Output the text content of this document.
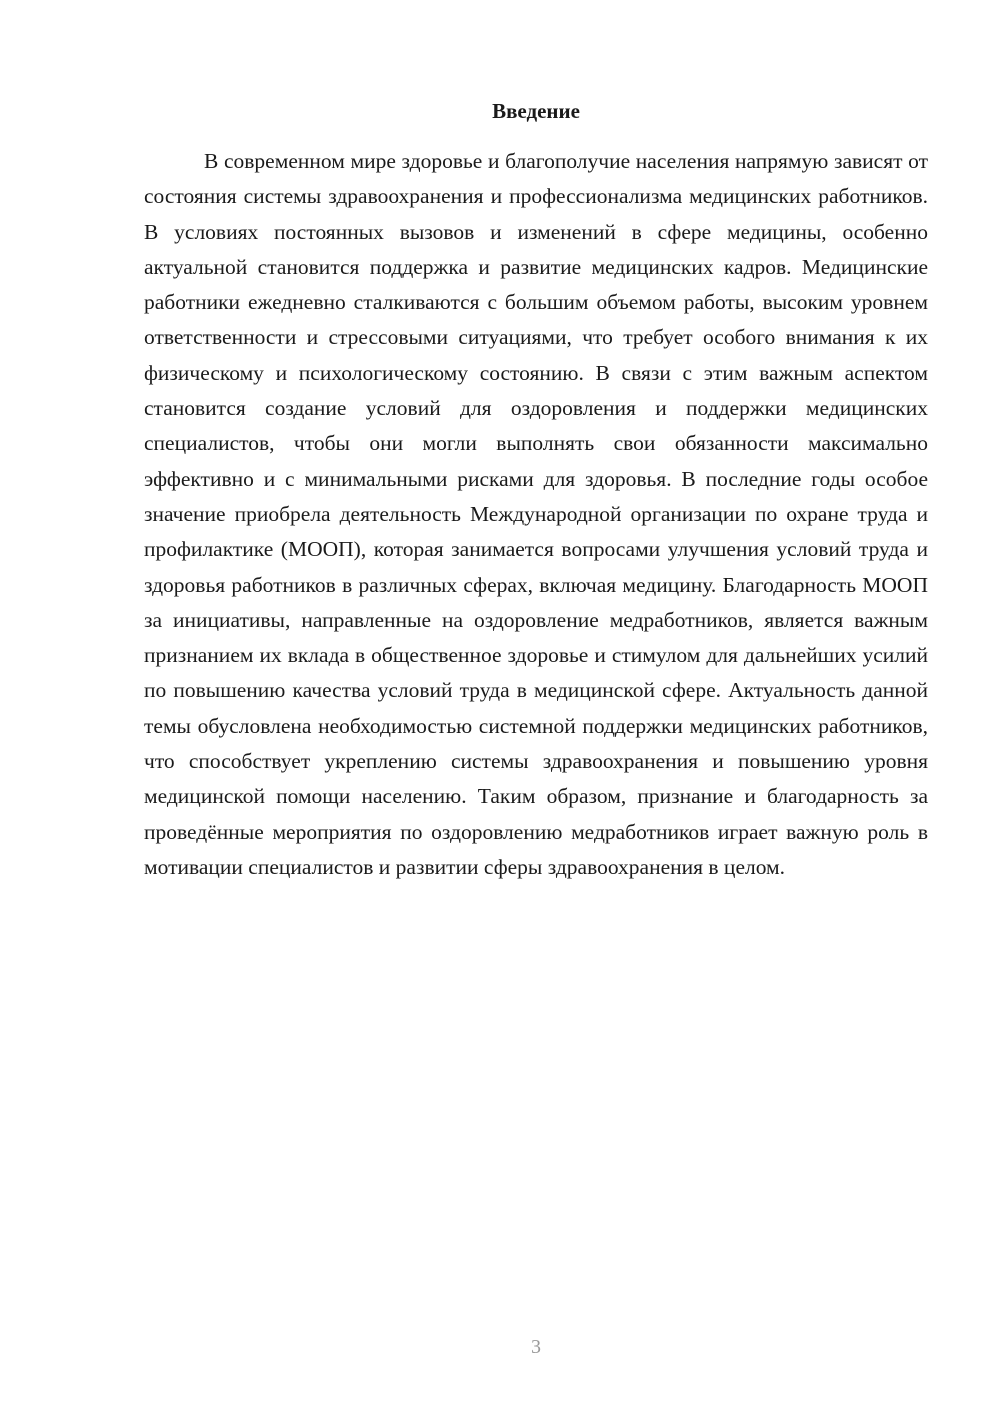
Введение

В современном мире здоровье и благополучие населения напрямую зависят от состояния системы здравоохранения и профессионализма медицинских работников. В условиях постоянных вызовов и изменений в сфере медицины, особенно актуальной становится поддержка и развитие медицинских кадров. Медицинские работники ежедневно сталкиваются с большим объемом работы, высоким уровнем ответственности и стрессовыми ситуациями, что требует особого внимания к их физическому и психологическому состоянию. В связи с этим важным аспектом становится создание условий для оздоровления и поддержки медицинских специалистов, чтобы они могли выполнять свои обязанности максимально эффективно и с минимальными рисками для здоровья. В последние годы особое значение приобрела деятельность Международной организации по охране труда и профилактике (МООП), которая занимается вопросами улучшения условий труда и здоровья работников в различных сферах, включая медицину. Благодарность МООП за инициативы, направленные на оздоровление медработников, является важным признанием их вклада в общественное здоровье и стимулом для дальнейших усилий по повышению качества условий труда в медицинской сфере. Актуальность данной темы обусловлена необходимостью системной поддержки медицинских работников, что способствует укреплению системы здравоохранения и повышению уровня медицинской помощи населению. Таким образом, признание и благодарность за проведённые мероприятия по оздоровлению медработников играет важную роль в мотивации специалистов и развитии сферы здравоохранения в целом.

3
